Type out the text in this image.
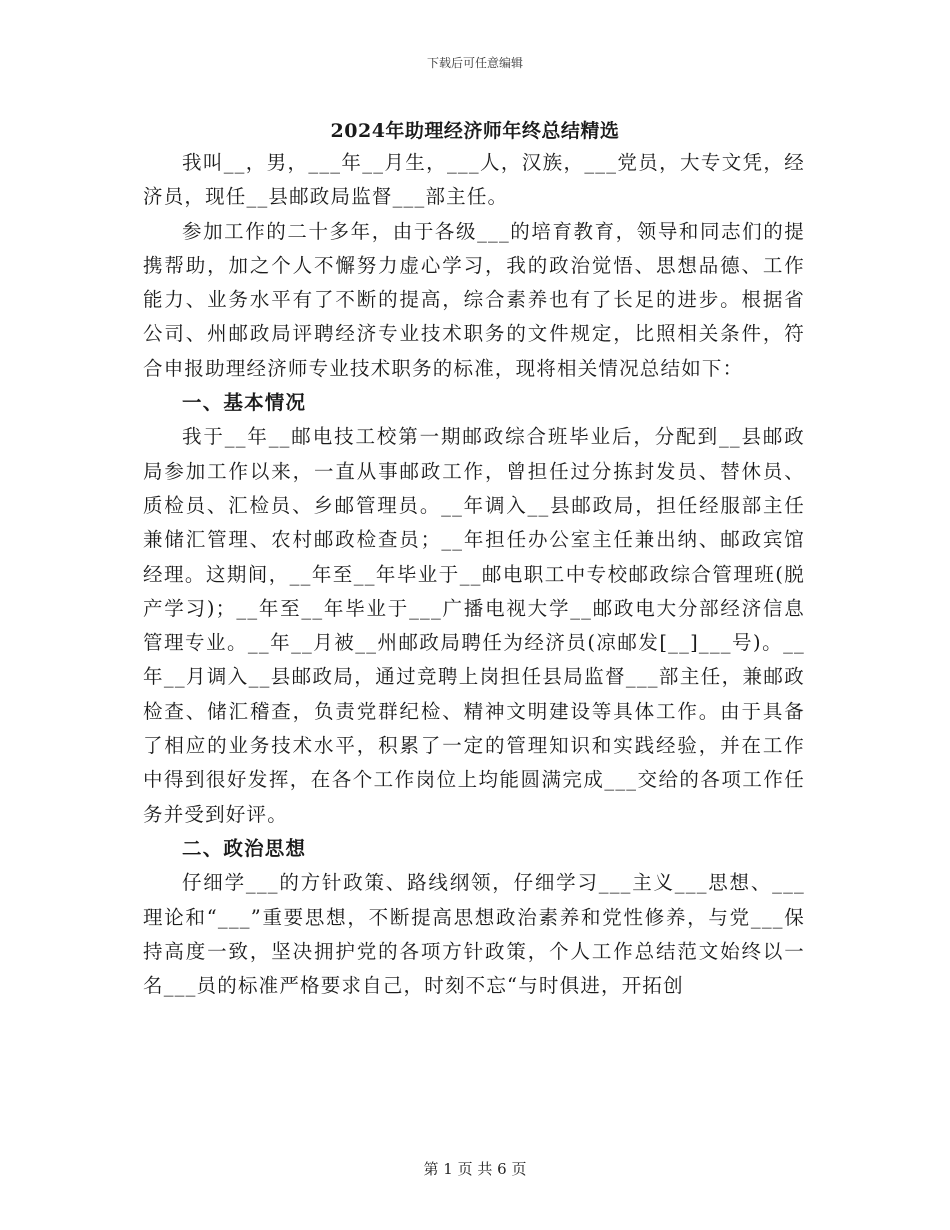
下载后可任意编辑
2024年助理经济师年终总结精选

我叫__，男，___年__月生，___人，汉族，___党员，大专文凭，经济员，现任__县邮政局监督___部主任。

参加工作的二十多年，由于各级___的培育教育，领导和同志们的提携帮助，加之个人不懈努力虚心学习，我的政治觉悟、思想品德、工作能力、业务水平有了不断的提高，综合素养也有了长足的进步。根据省公司、州邮政局评聘经济专业技术职务的文件规定，比照相关条件，符合申报助理经济师专业技术职务的标准，现将相关情况总结如下：

一、基本情况

我于__年__邮电技工校第一期邮政综合班毕业后，分配到__县邮政局参加工作以来，一直从事邮政工作，曾担任过分拣封发员、替休员、质检员、汇检员、乡邮管理员。__年调入__县邮政局，担任经服部主任兼储汇管理、农村邮政检查员；__年担任办公室主任兼出纳、邮政宾馆经理。这期间，__年至__年毕业于__邮电职工中专校邮政综合管理班(脱产学习)；__年至__年毕业于___广播电视大学__邮政电大分部经济信息管理专业。__年__月被__州邮政局聘任为经济员(凉邮发[__]___号)。__年__月调入__县邮政局，通过竞聘上岗担任县局监督___部主任，兼邮政检查、储汇稽查，负责党群纪检、精神文明建设等具体工作。由于具备了相应的业务技术水平，积累了一定的管理知识和实践经验，并在工作中得到很好发挥，在各个工作岗位上均能圆满完成___交给的各项工作任务并受到好评。

二、政治思想

仔细学___的方针政策、路线纲领，仔细学习___主义___思想、___理论和“___”重要思想，不断提高思想政治素养和党性修养，与党___保持高度一致，坚决拥护党的各项方针政策，个人工作总结范文始终以一名___员的标准严格要求自己，时刻不忘“与时俱进，开拓创

第 1 页 共 6 页
